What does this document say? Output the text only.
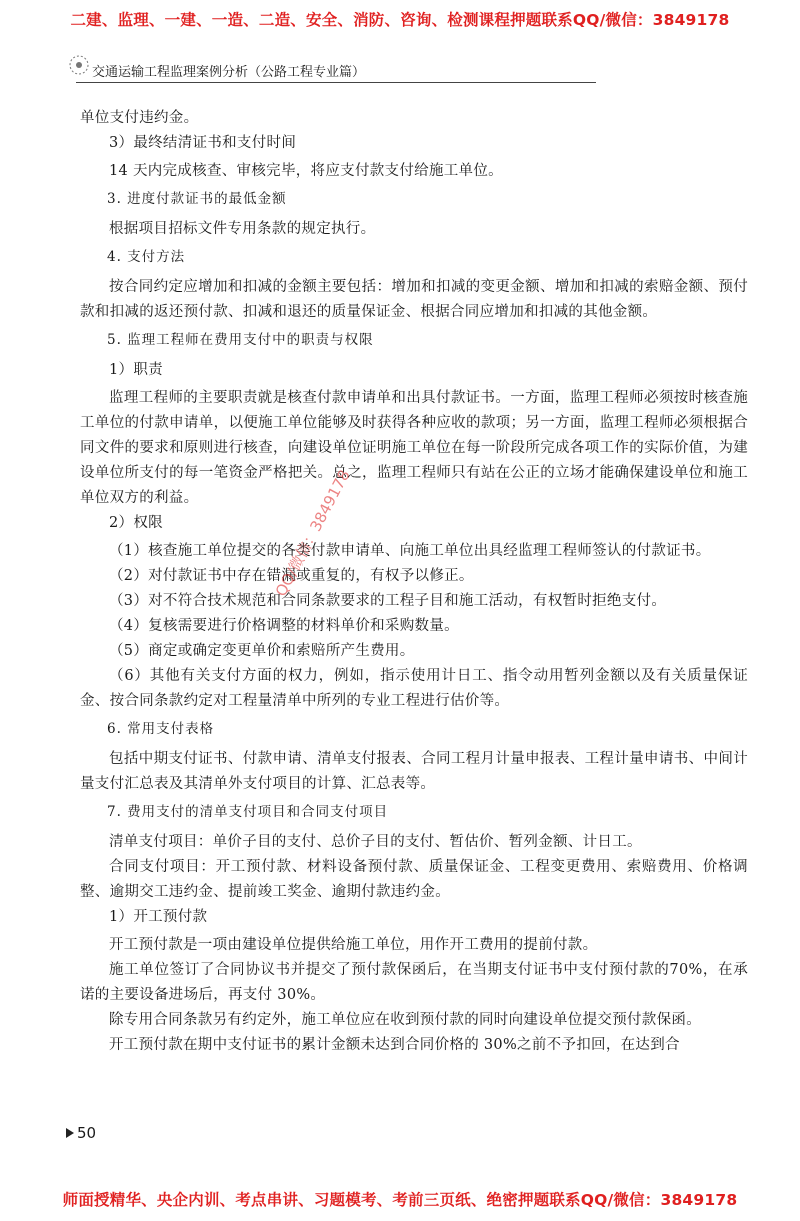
二建、监理、一建、一造、二造、安全、消防、咨询、检测课程押题联系QQ/微信：3849178
交通运输工程监理案例分析（公路工程专业篇）

单位支付违约金。

3）最终结清证书和支付时间

14 天内完成核查、审核完毕，将应支付款支付给施工单位。

3. 进度付款证书的最低金额

根据项目招标文件专用条款的规定执行。

4. 支付方法

按合同约定应增加和扣减的金额主要包括：增加和扣减的变更金额、增加和扣减的索赔金额、预付款和扣减的返还预付款、扣减和退还的质量保证金、根据合同应增加和扣减的其他金额。

5. 监理工程师在费用支付中的职责与权限

1）职责

监理工程师的主要职责就是核查付款申请单和出具付款证书。一方面，监理工程师必须按时核查施工单位的付款申请单，以便施工单位能够及时获得各种应收的款项；另一方面，监理工程师必须根据合同文件的要求和原则进行核查，向建设单位证明施工单位在每一阶段所完成各项工作的实际价值，为建设单位所支付的每一笔资金严格把关。总之，监理工程师只有站在公正的立场才能确保建设单位和施工单位双方的利益。

2）权限

（1）核查施工单位提交的各类付款申请单、向施工单位出具经监理工程师签认的付款证书。

（2）对付款证书中存在错漏或重复的，有权予以修正。

（3）对不符合技术规范和合同条款要求的工程子目和施工活动，有权暂时拒绝支付。

（4）复核需要进行价格调整的材料单价和采购数量。

（5）商定或确定变更单价和索赔所产生费用。

（6）其他有关支付方面的权力，例如，指示使用计日工、指令动用暂列金额以及有关质量保证金、按合同条款约定对工程量清单中所列的专业工程进行估价等。

6. 常用支付表格

包括中期支付证书、付款申请、清单支付报表、合同工程月计量申报表、工程计量申请书、中间计量支付汇总表及其清单外支付项目的计算、汇总表等。

7. 费用支付的清单支付项目和合同支付项目

清单支付项目：单价子目的支付、总价子目的支付、暂估价、暂列金额、计日工。

合同支付项目：开工预付款、材料设备预付款、质量保证金、工程变更费用、索赔费用、价格调整、逾期交工违约金、提前竣工奖金、逾期付款违约金。

1）开工预付款

开工预付款是一项由建设单位提供给施工单位，用作开工费用的提前付款。

施工单位签订了合同协议书并提交了预付款保函后，在当期支付证书中支付预付款的70%，在承诺的主要设备进场后，再支付 30%。

除专用合同条款另有约定外，施工单位应在收到预付款的同时向建设单位提交预付款保函。

开工预付款在期中支付证书的累计金额未达到合同价格的 30%之前不予扣回，在达到合

QQ/微信：3849178
50
师面授精华、央企内训、考点串讲、习题模考、考前三页纸、绝密押题联系QQ/微信：3849178
